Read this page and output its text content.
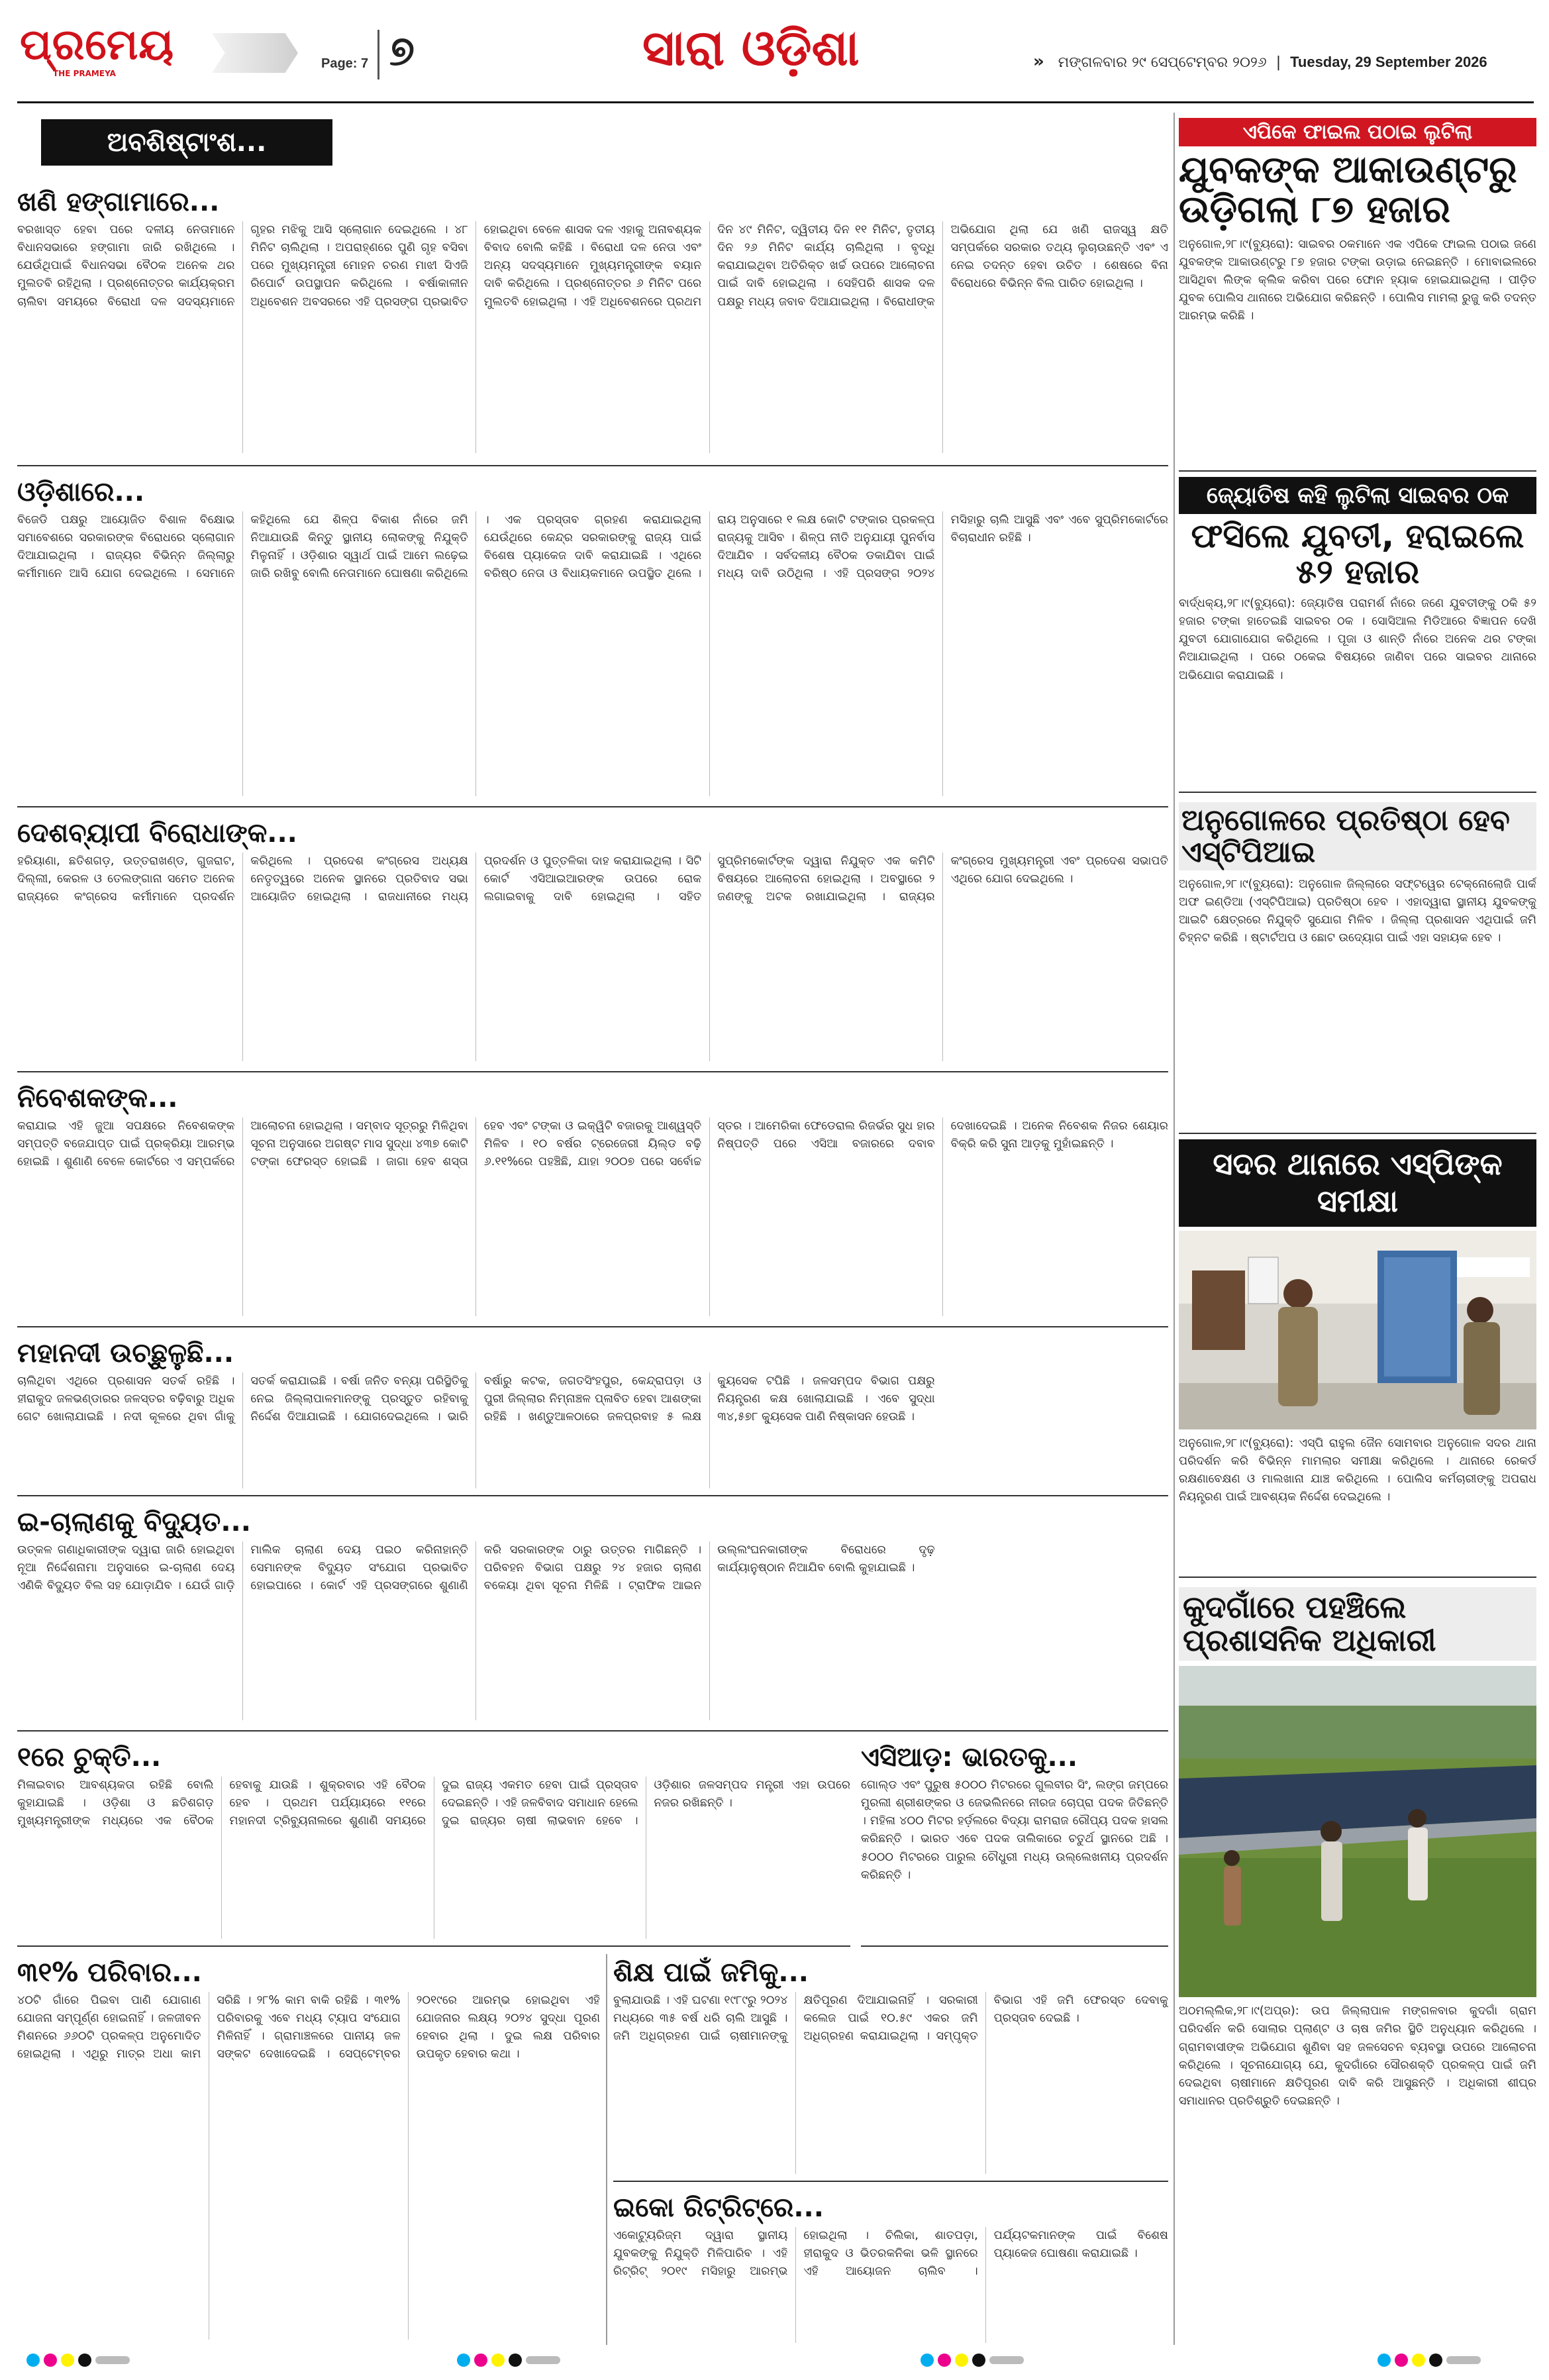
ପ୍ରମେୟ
THE PRAMEYA
Page: 7 ୭	ସାରା ଓଡ଼ିଶା	» ମଙ୍ଗଳବାର ୨୯ ସେପ୍ଟେମ୍ବର ୨୦୨୬  |  Tuesday, 29 September 2026
ଅବଶିଷ୍ଟାଂଶ...
ଖଣି ହଙ୍ଗାମାରେ...
ବରଖାସ୍ତ ହେବା ପରେ ଦଳୀୟ ନେତାମାନେ ବିଧାନସଭାରେ ହଙ୍ଗାମା ଜାରି ରଖିଥିଲେ । ଯେଉଁଥିପାଇଁ ବିଧାନସଭା ବୈଠକ ଅନେକ ଥର ମୁଲତବି ରହିଥିଲା । ପ୍ରଶ୍ନୋତ୍ତର କାର୍ଯ୍ୟକ୍ରମ ଚାଲିବା ସମୟରେ ବିରୋଧୀ ଦଳ ସଦସ୍ୟମାନେ ଗୃହର ମଝିକୁ ଆସି ସ୍ଲୋଗାନ ଦେଇଥିଲେ । ୪୮ ମିନିଟ ଚାଲିଥିଲା । ଅପରାହ୍ଣରେ ପୁଣି ଗୃହ ବସିବା ପରେ ମୁଖ୍ୟମନ୍ତ୍ରୀ ମୋହନ ଚରଣ ମାଝୀ ସିଏଜି ରିପୋର୍ଟ ଉପସ୍ଥାପନ କରିଥିଲେ । ବର୍ଷାକାଳୀନ ଅଧିବେଶନ ଅବସରରେ ଏହି ପ୍ରସଙ୍ଗ ପ୍ରଭାବିତ ହୋଇଥିବା ବେଳେ ଶାସକ ଦଳ ଏହାକୁ ଅନାବଶ୍ୟକ ବିବାଦ ବୋଲି କହିଛି । ବିରୋଧୀ ଦଳ ନେତା ଏବଂ ଅନ୍ୟ ସଦସ୍ୟମାନେ ମୁଖ୍ୟମନ୍ତ୍ରୀଙ୍କ ବୟାନ ଦାବି କରିଥିଲେ । ପ୍ରଶ୍ନୋତ୍ତର ୬ ମିନିଟ ପରେ ମୁଲତବି ହୋଇଥିଲା । ଏହି ଅଧିବେଶନରେ ପ୍ରଥମ ଦିନ ୪୯ ମିନିଟ, ଦ୍ୱିତୀୟ ଦିନ ୧୧ ମିନିଟ, ତୃତୀୟ ଦିନ ୨୬ ମିନିଟ କାର୍ଯ୍ୟ ଚାଲିଥିଲା । ବୃଦ୍ଧି କରାଯାଇଥିବା ଅତିରିକ୍ତ ଖର୍ଚ୍ଚ ଉପରେ ଆଲୋଚନା ପାଇଁ ଦାବି ହୋଇଥିଲା । ସେହିପରି ଶାସକ ଦଳ ପକ୍ଷରୁ ମଧ୍ୟ ଜବାବ ଦିଆଯାଇଥିଲା । ବିରୋଧୀଙ୍କ ଅଭିଯୋଗ ଥିଲା ଯେ ଖଣି ରାଜସ୍ୱ କ୍ଷତି ସମ୍ପର୍କରେ ସରକାର ତଥ୍ୟ ଲୁଚାଉଛନ୍ତି ଏବଂ ଏ ନେଇ ତଦନ୍ତ ହେବା ଉଚିତ । ଶେଷରେ ବିନା ବିରୋଧରେ ବିଭିନ୍ନ ବିଲ ପାରିତ ହୋଇଥିଲା ।
ଓଡ଼ିଶାରେ...
ବିଜେଡି ପକ୍ଷରୁ ଆୟୋଜିତ ବିଶାଳ ବିକ୍ଷୋଭ ସମାବେଶରେ ସରକାରଙ୍କ ବିରୋଧରେ ସ୍ଲୋଗାନ ଦିଆଯାଇଥିଲା । ରାଜ୍ୟର ବିଭିନ୍ନ ଜିଲ୍ଲାରୁ କର୍ମୀମାନେ ଆସି ଯୋଗ ଦେଇଥିଲେ । ସେମାନେ କହିଥିଲେ ଯେ ଶିଳ୍ପ ବିକାଶ ନାଁରେ ଜମି ନିଆଯାଉଛି କିନ୍ତୁ ସ୍ଥାନୀୟ ଲୋକଙ୍କୁ ନିଯୁକ୍ତି ମିଳୁନାହିଁ । ଓଡ଼ିଶାର ସ୍ୱାର୍ଥ ପାଇଁ ଆମେ ଲଢ଼େଇ ଜାରି ରଖିବୁ ବୋଲି ନେତାମାନେ ଘୋଷଣା କରିଥିଲେ । ଏକ ପ୍ରସ୍ତାବ ଗ୍ରହଣ କରାଯାଇଥିଲା ଯେଉଁଥିରେ କେନ୍ଦ୍ର ସରକାରଙ୍କୁ ରାଜ୍ୟ ପାଇଁ ବିଶେଷ ପ୍ୟାକେଜ ଦାବି କରାଯାଇଛି । ଏଥିରେ ବରିଷ୍ଠ ନେତା ଓ ବିଧାୟକମାନେ ଉପସ୍ଥିତ ଥିଲେ । ରାୟ ଅନୁସାରେ ୧ ଲକ୍ଷ କୋଟି ଟଙ୍କାର ପ୍ରକଳ୍ପ ରାଜ୍ୟକୁ ଆସିବ । ଶିଳ୍ପ ନୀତି ଅନୁଯାୟୀ ପୁନର୍ବାସ ଦିଆଯିବ । ସର୍ବଦଳୀୟ ବୈଠକ ଡକାଯିବା ପାଇଁ ମଧ୍ୟ ଦାବି ଉଠିଥିଲା । ଏହି ପ୍ରସଙ୍ଗ ୨୦୨୪ ମସିହାରୁ ଚାଲି ଆସୁଛି ଏବଂ ଏବେ ସୁପ୍ରିମକୋର୍ଟରେ ବିଚାରାଧୀନ ରହିଛି ।
ଦେଶବ୍ୟାପୀ ବିରୋଧାଙ୍କ...
ହରିୟାଣା, ଛତିଶଗଡ଼, ଉତ୍ତରାଖଣ୍ଡ, ଗୁଜରାଟ, ଦିଲ୍ଲୀ, କେରଳ ଓ ତେଲଙ୍ଗାନା ସମେତ ଅନେକ ରାଜ୍ୟରେ କଂଗ୍ରେସ କର୍ମୀମାନେ ପ୍ରଦର୍ଶନ କରିଥିଲେ । ପ୍ରଦେଶ କଂଗ୍ରେସ ଅଧ୍ୟକ୍ଷ ନେତୃତ୍ୱରେ ଅନେକ ସ୍ଥାନରେ ପ୍ରତିବାଦ ସଭା ଆୟୋଜିତ ହୋଇଥିଲା । ରାଜଧାନୀରେ ମଧ୍ୟ ପ୍ରଦର୍ଶନ ଓ ପୁତ୍ତଳିକା ଦାହ କରାଯାଇଥିଲା । ସିଟି କୋର୍ଟ ଏସିଆଇଆରଙ୍କ ଉପରେ ରୋକ ଲଗାଇବାକୁ ଦାବି ହୋଇଥିଲା । ସହିତ ସୁପ୍ରିମକୋର୍ଟଙ୍କ ଦ୍ୱାରା ନିଯୁକ୍ତ ଏକ କମିଟି ବିଷୟରେ ଆଲୋଚନା ହୋଇଥିଲା । ଅବସ୍ଥାରେ ୨ ଜଣଙ୍କୁ ଅଟକ ରଖାଯାଇଥିଲା । ରାଜ୍ୟର କଂଗ୍ରେସ ମୁଖ୍ୟମନ୍ତ୍ରୀ ଏବଂ ପ୍ରଦେଶ ସଭାପତି ଏଥିରେ ଯୋଗ ଦେଇଥିଲେ ।
ନିବେଶକଙ୍କ...
କରାଯାଇ ଏହି ଜୁଆ ସପକ୍ଷରେ ନିବେଶକଙ୍କ ସମ୍ପତ୍ତି ବଜେଯାପ୍ତ ପାଇଁ ପ୍ରକ୍ରିୟା ଆରମ୍ଭ ହୋଇଛି । ଶୁଣାଣି ବେଳେ କୋର୍ଟରେ ଏ ସମ୍ପର୍କରେ ଆଲୋଚନା ହୋଇଥିଲା । ସମ୍ବାଦ ସୂତ୍ରରୁ ମିଳିଥିବା ସୂଚନା ଅନୁସାରେ ଅଗଷ୍ଟ ମାସ ସୁଦ୍ଧା ୪୩୭ କୋଟି ଟଙ୍କା ଫେରସ୍ତ ହୋଇଛି । ଜାଗା ହେବ ଶସ୍ତା ହେବ ଏବଂ ଟଙ୍କା ଓ ଇକ୍ୱିଟି ବଜାରକୁ ଆଶ୍ୱସ୍ତି ମିଳିବ । ୧୦ ବର୍ଷର ଟ୍ରେଜେରୀ ୟିଲ୍ଡ ବଢ଼ି ୬.୧୧%ରେ ପହଞ୍ଚିଛି, ଯାହା ୨୦୦୭ ପରେ ସର୍ବୋଚ୍ଚ ସ୍ତର । ଆମେରିକା ଫେଡେରାଲ ରିଜର୍ଭର ସୁଧ ହାର ନିଷ୍ପତ୍ତି ପରେ ଏସିଆ ବଜାରରେ ଦବାବ ଦେଖାଦେଇଛି । ଅନେକ ନିବେଶକ ନିଜର ଶେୟାର ବିକ୍ରି କରି ସୁନା ଆଡ଼କୁ ମୁହାଁଇଛନ୍ତି ।
ମହାନଦୀ ଉଚ୍ଛୁଳୁଛି...
ଚାଲିଥିବା ଏଥିରେ ପ୍ରଶାସନ ସତର୍କ ରହିଛି । ହୀରାକୁଦ ଜଳଭଣ୍ଡାରର ଜଳସ୍ତର ବଢ଼ିବାରୁ ଅଧିକ ଗେଟ ଖୋଲାଯାଇଛି । ନଦୀ କୂଳରେ ଥିବା ଗାଁକୁ ସତର୍କ କରାଯାଇଛି । ବର୍ଷା ଜନିତ ବନ୍ୟା ପରିସ୍ଥିତିକୁ ନେଇ ଜିଲ୍ଲାପାଳମାନଙ୍କୁ ପ୍ରସ୍ତୁତ ରହିବାକୁ ନିର୍ଦ୍ଦେଶ ଦିଆଯାଇଛି । ଯୋଗଦେଇଥିଲେ । ଭାରି ବର୍ଷାରୁ କଟକ, ଜଗତସିଂହପୁର, କେନ୍ଦ୍ରାପଡ଼ା ଓ ପୁରୀ ଜିଲ୍ଲାର ନିମ୍ନାଞ୍ଚଳ ପ୍ଳାବିତ ହେବା ଆଶଙ୍କା ରହିଛି । ଖଣ୍ଡୁଆଳଠାରେ ଜଳପ୍ରବାହ ୫ ଲକ୍ଷ କ୍ୟୁସେକ ଟପିଛି । ଜଳସମ୍ପଦ ବିଭାଗ ପକ୍ଷରୁ ନିୟନ୍ତ୍ରଣ କକ୍ଷ ଖୋଲାଯାଇଛି । ଏବେ ସୁଦ୍ଧା ୩୪,୫୭୮ କ୍ୟୁସେକ ପାଣି ନିଷ୍କାସନ ହେଉଛି ।
ଇ-ଚାଲାଣକୁ ବିଦ୍ୟୁତ...
ଉତ୍କଳ ଗଣାଧିକାରୀଙ୍କ ଦ୍ୱାରା ଜାରି ହୋଇଥିବା ନୂଆ ନିର୍ଦ୍ଦେଶନାମା ଅନୁସାରେ ଇ-ଚାଲାଣ ଦେୟ ଏଣିକି ବିଦ୍ୟୁତ ବିଲ ସହ ଯୋଡ଼ାଯିବ । ଯେଉଁ ଗାଡ଼ି ମାଲିକ ଚାଲାଣ ଦେୟ ପଇଠ କରିନାହାନ୍ତି ସେମାନଙ୍କ ବିଦ୍ୟୁତ ସଂଯୋଗ ପ୍ରଭାବିତ ହୋଇପାରେ । କୋର୍ଟ ଏହି ପ୍ରସଙ୍ଗରେ ଶୁଣାଣି କରି ସରକାରଙ୍କ ଠାରୁ ଉତ୍ତର ମାଗିଛନ୍ତି । ପରିବହନ ବିଭାଗ ପକ୍ଷରୁ ୨୪ ହଜାର ଚାଲାଣ ବକେୟା ଥିବା ସୂଚନା ମିଳିଛି । ଟ୍ରାଫିକ ଆଇନ ଉଲ୍ଲଂଘନକାରୀଙ୍କ ବିରୋଧରେ ଦୃଢ଼ କାର୍ଯ୍ୟାନୁଷ୍ଠାନ ନିଆଯିବ ବୋଲି କୁହାଯାଇଛି ।
୧ରେ ଚୁକ୍ତି...
ମିଳାଇବାର ଆବଶ୍ୟକତା ରହିଛି ବୋଲି କୁହାଯାଇଛି । ଓଡ଼ିଶା ଓ ଛତିଶଗଡ଼ ମୁଖ୍ୟମନ୍ତ୍ରୀଙ୍କ ମଧ୍ୟରେ ଏକ ବୈଠକ ହେବାକୁ ଯାଉଛି । ଶୁକ୍ରବାର ଏହି ବୈଠକ ହେବ । ପ୍ରଥମ ପର୍ଯ୍ୟାୟରେ ୧୧ରେ ମହାନଦୀ ଟ୍ରିବ୍ୟୁନାଲରେ ଶୁଣାଣି ସମୟରେ ଦୁଇ ରାଜ୍ୟ ଏକମତ ହେବା ପାଇଁ ପ୍ରସ୍ତାବ ଦେଇଛନ୍ତି । ଏହି ଜଳବିବାଦ ସମାଧାନ ହେଲେ ଦୁଇ ରାଜ୍ୟର ଚାଷୀ ଲାଭବାନ ହେବେ । ଓଡ଼ିଶାର ଜଳସମ୍ପଦ ମନ୍ତ୍ରୀ ଏହା ଉପରେ ନଜର ରଖିଛନ୍ତି ।
ଏସିଆଡ଼: ଭାରତକୁ...
ଗୋଲ୍ଡ ଏବଂ ପୁରୁଷ ୫୦୦୦ ମିଟରରେ ଗୁଲବୀର ସିଂ, ଲଙ୍ଗ ଜମ୍ପରେ ମୁରଲୀ ଶ୍ରୀଶଙ୍କର ଓ ଜେଭଲିନରେ ନୀରଜ ଚୋପ୍ରା ପଦକ ଜିତିଛନ୍ତି । ମହିଳା ୪୦୦ ମିଟର ହର୍ଡ଼ଲରେ ବିଦ୍ୟା ରାମରାଜ ରୌପ୍ୟ ପଦକ ହାସଲ କରିଛନ୍ତି । ଭାରତ ଏବେ ପଦକ ତାଲିକାରେ ଚତୁର୍ଥ ସ୍ଥାନରେ ଅଛି । ୫୦୦୦ ମିଟରରେ ପାରୁଲ ଚୌଧୁରୀ ମଧ୍ୟ ଉଲ୍ଲେଖନୀୟ ପ୍ରଦର୍ଶନ କରିଛନ୍ତି ।
୩୧% ପରିବାର...
୪୦ଟି ଗାଁରେ ପିଇବା ପାଣି ଯୋଗାଣ ଯୋଜନା ସମ୍ପୂର୍ଣ୍ଣ ହୋଇନାହିଁ । ଜଳଜୀବନ ମିଶନରେ ୬୬୦ଟି ପ୍ରକଳ୍ପ ଅନୁମୋଦିତ ହୋଇଥିଲା । ଏଥିରୁ ମାତ୍ର ଅଧା କାମ ସରିଛି । ୨୮% କାମ ବାକି ରହିଛି । ୩୧% ପରିବାରକୁ ଏବେ ମଧ୍ୟ ଟ୍ୟାପ ସଂଯୋଗ ମିଳିନାହିଁ । ଗ୍ରାମାଞ୍ଚଳରେ ପାନୀୟ ଜଳ ସଙ୍କଟ ଦେଖାଦେଇଛି । ସେପ୍ଟେମ୍ବର ୨୦୧୯ରେ ଆରମ୍ଭ ହୋଇଥିବା ଏହି ଯୋଜନାର ଲକ୍ଷ୍ୟ ୨୦୨୪ ସୁଦ୍ଧା ପୂରଣ ହେବାର ଥିଲା । ଦୁଇ ଲକ୍ଷ ପରିବାର ଉପକୃତ ହେବାର କଥା ।
ଶିକ୍ଷ ପାଇଁ ଜମିକୁ...
ବୁଲାଯାଉଛି । ଏହି ଘଟଣା ୧୯୮୯ରୁ ୨୦୨୪ ମଧ୍ୟରେ ୩୫ ବର୍ଷ ଧରି ଚାଲି ଆସୁଛି । ଜମି ଅଧିଗ୍ରହଣ ପାଇଁ ଚାଷୀମାନଙ୍କୁ କ୍ଷତିପୂରଣ ଦିଆଯାଇନାହିଁ । ସରକାରୀ କଲେଜ ପାଇଁ ୧୦.୫୯ ଏକର ଜମି ଅଧିଗ୍ରହଣ କରାଯାଇଥିଲା । ସମ୍ପୃକ୍ତ ବିଭାଗ ଏହି ଜମି ଫେରସ୍ତ ଦେବାକୁ ପ୍ରସ୍ତାବ ଦେଇଛି ।
ଇକୋ ରିଟ୍ରିଟ୍‌ରେ...
ଏକୋଟ୍ୟୁରିଜ୍ମ ଦ୍ୱାରା ସ୍ଥାନୀୟ ଯୁବକଙ୍କୁ ନିଯୁକ୍ତି ମିଳିପାରିବ । ଏହି ରିଟ୍ରିଟ୍ ୨୦୧୯ ମସିହାରୁ ଆରମ୍ଭ ହୋଇଥିଲା । ଚିଲିକା, ଶାତପଡ଼ା, ହୀରାକୁଦ ଓ ଭିତରକନିକା ଭଳି ସ୍ଥାନରେ ଏହି ଆୟୋଜନ ଚାଲିବ । ପର୍ଯ୍ୟଟକମାନଙ୍କ ପାଇଁ ବିଶେଷ ପ୍ୟାକେଜ ଘୋଷଣା କରାଯାଇଛି ।
ଏପିକେ ଫାଇଲ ପଠାଇ ଲୁଟିଲା
ଯୁବକଙ୍କ ଆକାଉଣ୍ଟରୁ ଉଡ଼ିଗଲା ୮୭ ହଜାର
ଅନୁଗୋଳ,୨୮।୯(ବ୍ୟୁରୋ): ସାଇବର ଠକମାନେ ଏକ ଏପିକେ ଫାଇଲ ପଠାଇ ଜଣେ ଯୁବକଙ୍କ ଆକାଉଣ୍ଟରୁ ୮୭ ହଜାର ଟଙ୍କା ଉଡ଼ାଇ ନେଇଛନ୍ତି । ମୋବାଇଲରେ ଆସିଥିବା ଲିଙ୍କ କ୍ଲିକ କରିବା ପରେ ଫୋନ ହ୍ୟାକ ହୋଇଯାଇଥିଲା । ପୀଡ଼ିତ ଯୁବକ ପୋଲିସ ଥାନାରେ ଅଭିଯୋଗ କରିଛନ୍ତି । ପୋଲିସ ମାମଲା ରୁଜୁ କରି ତଦନ୍ତ ଆରମ୍ଭ କରିଛି ।
ଜ୍ୟୋତିଷ କହି ଲୁଟିଲା ସାଇବର ଠକ
ଫସିଲେ ଯୁବତୀ, ହରାଇଲେ ୫୨ ହଜାର
ବାର୍ଦ୍ଧକ୍ୟ,୨୮।୯(ବ୍ୟୁରୋ): ଜ୍ୟୋତିଷ ପରାମର୍ଶ ନାଁରେ ଜଣେ ଯୁବତୀଙ୍କୁ ଠକି ୫୨ ହଜାର ଟଙ୍କା ହାତେଇଛି ସାଇବର ଠକ । ସୋସିଆଲ ମିଡିଆରେ ବିଜ୍ଞାପନ ଦେଖି ଯୁବତୀ ଯୋଗାଯୋଗ କରିଥିଲେ । ପୂଜା ଓ ଶାନ୍ତି ନାଁରେ ଅନେକ ଥର ଟଙ୍କା ନିଆଯାଇଥିଲା । ପରେ ଠକେଇ ବିଷୟରେ ଜାଣିବା ପରେ ସାଇବର ଥାନାରେ ଅଭିଯୋଗ କରାଯାଇଛି ।
ଅନୁଗୋଳରେ ପ୍ରତିଷ୍ଠା ହେବ ଏସ୍‌ଟିପିଆଇ
ଅନୁଗୋଳ,୨୮।୯(ବ୍ୟୁରୋ): ଅନୁଗୋଳ ଜିଲ୍ଲାରେ ସଫ୍ଟୱେର ଟେକ୍ନୋଲୋଜି ପାର୍କ ଅଫ ଇଣ୍ଡିଆ (ଏସ୍‌ଟିପିଆଇ) ପ୍ରତିଷ୍ଠା ହେବ । ଏହାଦ୍ୱାରା ସ୍ଥାନୀୟ ଯୁବକଙ୍କୁ ଆଇଟି କ୍ଷେତ୍ରରେ ନିଯୁକ୍ତି ସୁଯୋଗ ମିଳିବ । ଜିଲ୍ଲା ପ୍ରଶାସନ ଏଥିପାଇଁ ଜମି ଚିହ୍ନଟ କରିଛି । ଷ୍ଟାର୍ଟଅପ ଓ ଛୋଟ ଉଦ୍ୟୋଗ ପାଇଁ ଏହା ସହାୟକ ହେବ ।
ସଦର ଥାନାରେ ଏସ୍‌ପିଙ୍କ ସମୀକ୍ଷା
ଅନୁଗୋଳ,୨୮।୯(ବ୍ୟୁରୋ): ଏସ୍‌ପି ରାହୁଲ ଜୈନ ସୋମବାର ଅନୁଗୋଳ ସଦର ଥାନା ପରିଦର୍ଶନ କରି ବିଭିନ୍ନ ମାମଲାର ସମୀକ୍ଷା କରିଥିଲେ । ଥାନାରେ ରେକର୍ଡ ରକ୍ଷଣାବେକ୍ଷଣ ଓ ମାଲଖାନା ଯାଞ୍ଚ କରିଥିଲେ । ପୋଲିସ କର୍ମଚାରୀଙ୍କୁ ଅପରାଧ ନିୟନ୍ତ୍ରଣ ପାଇଁ ଆବଶ୍ୟକ ନିର୍ଦ୍ଦେଶ ଦେଇଥିଲେ ।
କୁଦଗାଁରେ ପହଞ୍ଚିଲେ ପ୍ରଶାସନିକ ଅଧିକାରୀ
ଅଠମଲ୍ଲିକ,୨୮।୯(ଅପ୍ର): ଉପ ଜିଲ୍ଲାପାଳ ମଙ୍ଗଳବାର କୁଦଗାଁ ଗ୍ରାମ ପରିଦର୍ଶନ କରି ସୋଲାର ପ୍ଲାଣ୍ଟ ଓ ଚାଷ ଜମିର ସ୍ଥିତି ଅନୁଧ୍ୟାନ କରିଥିଲେ । ଗ୍ରାମବାସୀଙ୍କ ଅଭିଯୋଗ ଶୁଣିବା ସହ ଜଳସେଚନ ବ୍ୟବସ୍ଥା ଉପରେ ଆଲୋଚନା କରିଥିଲେ । ସୂଚନାଯୋଗ୍ୟ ଯେ, କୁଦଗାଁରେ ସୌରଶକ୍ତି ପ୍ରକଳ୍ପ ପାଇଁ ଜମି ଦେଇଥିବା ଚାଷୀମାନେ କ୍ଷତିପୂରଣ ଦାବି କରି ଆସୁଛନ୍ତି । ଅଧିକାରୀ ଶୀଘ୍ର ସମାଧାନର ପ୍ରତିଶ୍ରୁତି ଦେଇଛନ୍ତି ।
